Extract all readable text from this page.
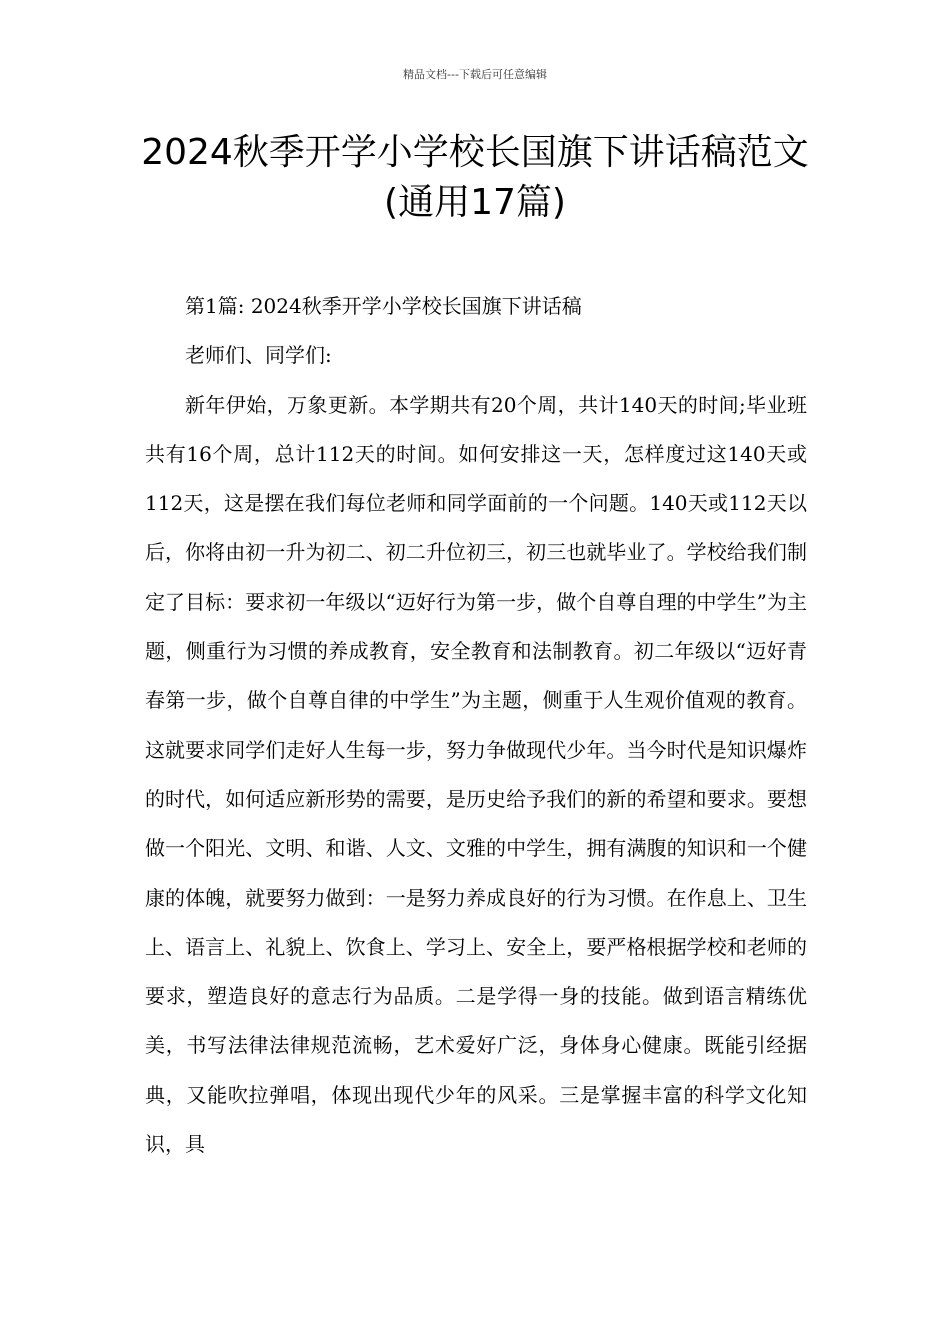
精品文档---下载后可任意编辑
2024秋季开学小学校长国旗下讲话稿范文(通用17篇)

第1篇: 2024秋季开学小学校长国旗下讲话稿

老师们、同学们:

新年伊始，万象更新。本学期共有20个周，共计140天的时间;毕业班共有16个周，总计112天的时间。如何安排这一天，怎样度过这140天或112天，这是摆在我们每位老师和同学面前的一个问题。140天或112天以后，你将由初一升为初二、初二升位初三，初三也就毕业了。学校给我们制定了目标：要求初一年级以“迈好行为第一步，做个自尊自理的中学生”为主题，侧重行为习惯的养成教育，安全教育和法制教育。初二年级以“迈好青春第一步，做个自尊自律的中学生”为主题，侧重于人生观价值观的教育。这就要求同学们走好人生每一步，努力争做现代少年。当今时代是知识爆炸的时代，如何适应新形势的需要，是历史给予我们的新的希望和要求。要想做一个阳光、文明、和谐、人文、文雅的中学生，拥有满腹的知识和一个健康的体魄，就要努力做到：一是努力养成良好的行为习惯。在作息上、卫生上、语言上、礼貌上、饮食上、学习上、安全上，要严格根据学校和老师的要求，塑造良好的意志行为品质。二是学得一身的技能。做到语言精练优美，书写法律法律规范流畅，艺术爱好广泛，身体身心健康。既能引经据典，又能吹拉弹唱，体现出现代少年的风采。三是掌握丰富的科学文化知识，具
